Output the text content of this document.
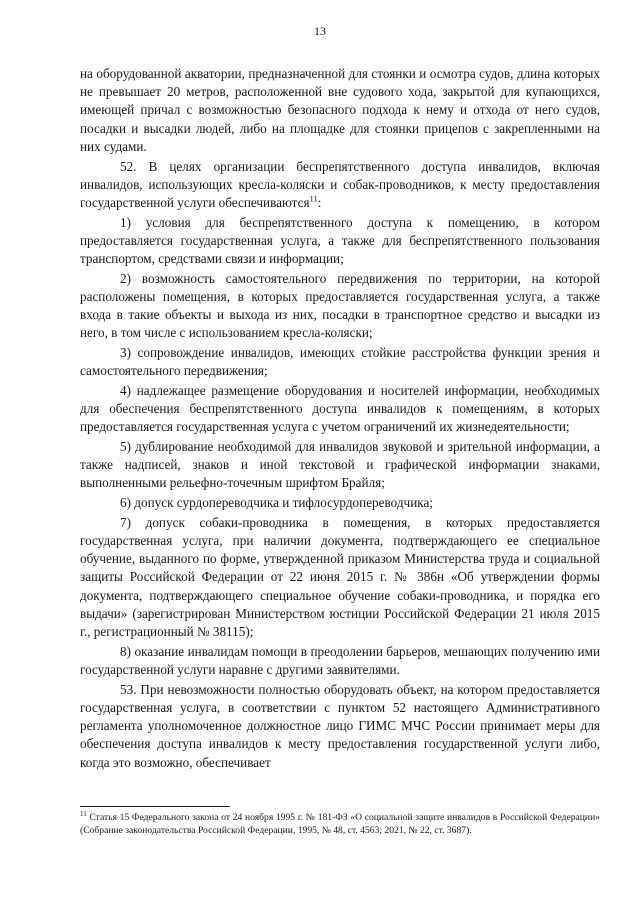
13

на оборудованной акватории, предназначенной для стоянки и осмотра судов, длина которых не превышает 20 метров, расположенной вне судового хода, закрытой для купающихся, имеющей причал с возможностью безопасного подхода к нему и отхода от него судов, посадки и высадки людей, либо на площадке для стоянки прицепов с закрепленными на них судами.

52. В целях организации беспрепятственного доступа инвалидов, включая инвалидов, использующих кресла-коляски и собак-проводников, к месту предоставления государственной услуги обеспечиваются$^{11}$:

1) условия для беспрепятственного доступа к помещению, в котором предоставляется государственная услуга, а также для беспрепятственного пользования транспортом, средствами связи и информации;

2) возможность самостоятельного передвижения по территории, на которой расположены помещения, в которых предоставляется государственная услуга, а также входа в такие объекты и выхода из них, посадки в транспортное средство и высадки из него, в том числе с использованием кресла-коляски;

3) сопровождение инвалидов, имеющих стойкие расстройства функции зрения и самостоятельного передвижения;

4) надлежащее размещение оборудования и носителей информации, необходимых для обеспечения беспрепятственного доступа инвалидов к помещениям, в которых предоставляется государственная услуга с учетом ограничений их жизнедеятельности;

5) дублирование необходимой для инвалидов звуковой и зрительной информации, а также надписей, знаков и иной текстовой и графической информации знаками, выполненными рельефно-точечным шрифтом Брайля;

6) допуск сурдопереводчика и тифлосурдопереводчика;

7) допуск собаки-проводника в помещения, в которых предоставляется государственная услуга, при наличии документа, подтверждающего ее специальное обучение, выданного по форме, утвержденной приказом Министерства труда и социальной защиты Российской Федерации от 22 июня 2015 г. № 386н «Об утверждении формы документа, подтверждающего специальное обучение собаки-проводника, и порядка его выдачи» (зарегистрирован Министерством юстиции Российской Федерации 21 июля 2015 г., регистрационный № 38115);

8) оказание инвалидам помощи в преодолении барьеров, мешающих получению ими государственной услуги наравне с другими заявителями.

53. При невозможности полностью оборудовать объект, на котором предоставляется государственная услуга, в соответствии с пунктом 52 настоящего Административного регламента уполномоченное должностное лицо ГИМС МЧС России принимает меры для обеспечения доступа инвалидов к месту предоставления государственной услуги либо, когда это возможно, обеспечивает

$^{11}$ Статья 15 Федерального закона от 24 ноября 1995 г. № 181-ФЗ «О социальной защите инвалидов в Российской Федерации» (Собрание законодательства Российской Федерации, 1995, № 48, ст. 4563; 2021, № 22, ст. 3687).
